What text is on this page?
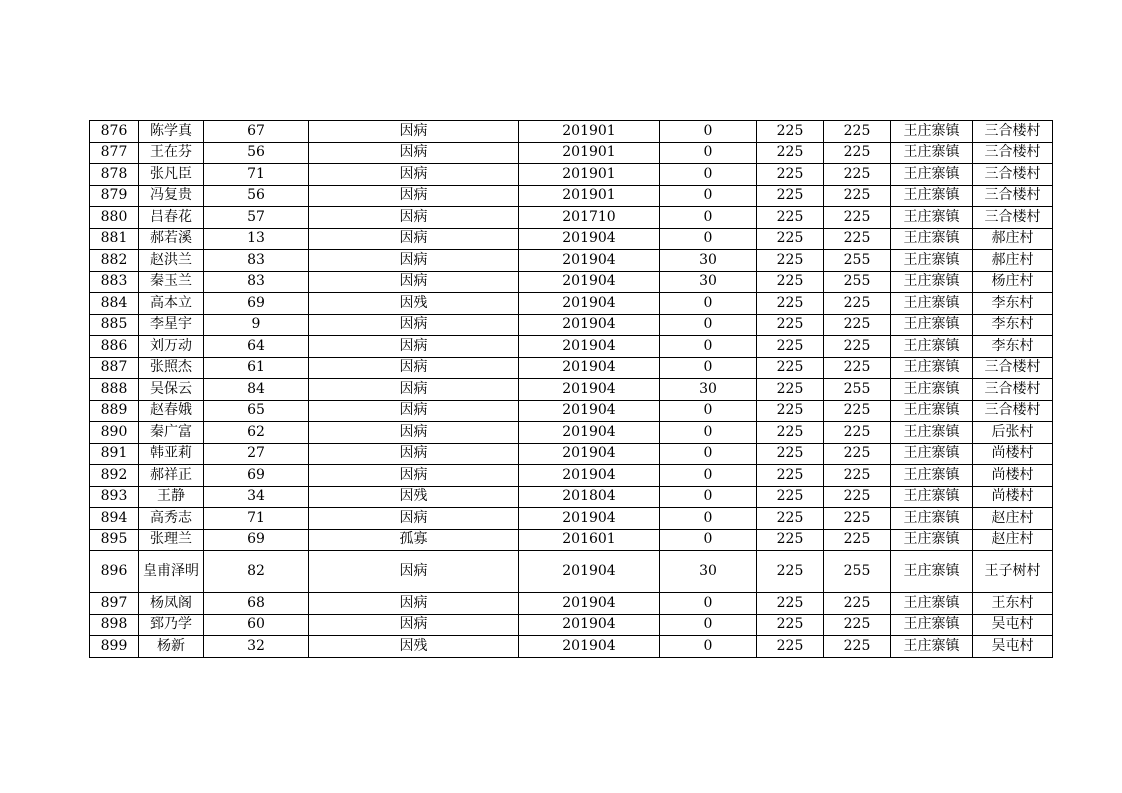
876	陈学真	67	因病	201901	0	225	225	王庄寨镇	三合楼村
877	王在芬	56	因病	201901	0	225	225	王庄寨镇	三合楼村
878	张凡臣	71	因病	201901	0	225	225	王庄寨镇	三合楼村
879	冯复贵	56	因病	201901	0	225	225	王庄寨镇	三合楼村
880	吕春花	57	因病	201710	0	225	225	王庄寨镇	三合楼村
881	郝若溪	13	因病	201904	0	225	225	王庄寨镇	郝庄村
882	赵洪兰	83	因病	201904	30	225	255	王庄寨镇	郝庄村
883	秦玉兰	83	因病	201904	30	225	255	王庄寨镇	杨庄村
884	高本立	69	因残	201904	0	225	225	王庄寨镇	李东村
885	李星宇	9	因病	201904	0	225	225	王庄寨镇	李东村
886	刘万动	64	因病	201904	0	225	225	王庄寨镇	李东村
887	张照杰	61	因病	201904	0	225	225	王庄寨镇	三合楼村
888	吴保云	84	因病	201904	30	225	255	王庄寨镇	三合楼村
889	赵春娥	65	因病	201904	0	225	225	王庄寨镇	三合楼村
890	秦广富	62	因病	201904	0	225	225	王庄寨镇	后张村
891	韩亚莉	27	因病	201904	0	225	225	王庄寨镇	尚楼村
892	郝祥正	69	因病	201904	0	225	225	王庄寨镇	尚楼村
893	王静	34	因残	201804	0	225	225	王庄寨镇	尚楼村
894	高秀志	71	因病	201904	0	225	225	王庄寨镇	赵庄村
895	张理兰	69	孤寡	201601	0	225	225	王庄寨镇	赵庄村
896	皇甫泽明	82	因病	201904	30	225	255	王庄寨镇	王子树村
897	杨凤阁	68	因病	201904	0	225	225	王庄寨镇	王东村
898	郅乃学	60	因病	201904	0	225	225	王庄寨镇	吴屯村
899	杨新	32	因残	201904	0	225	225	王庄寨镇	吴屯村
